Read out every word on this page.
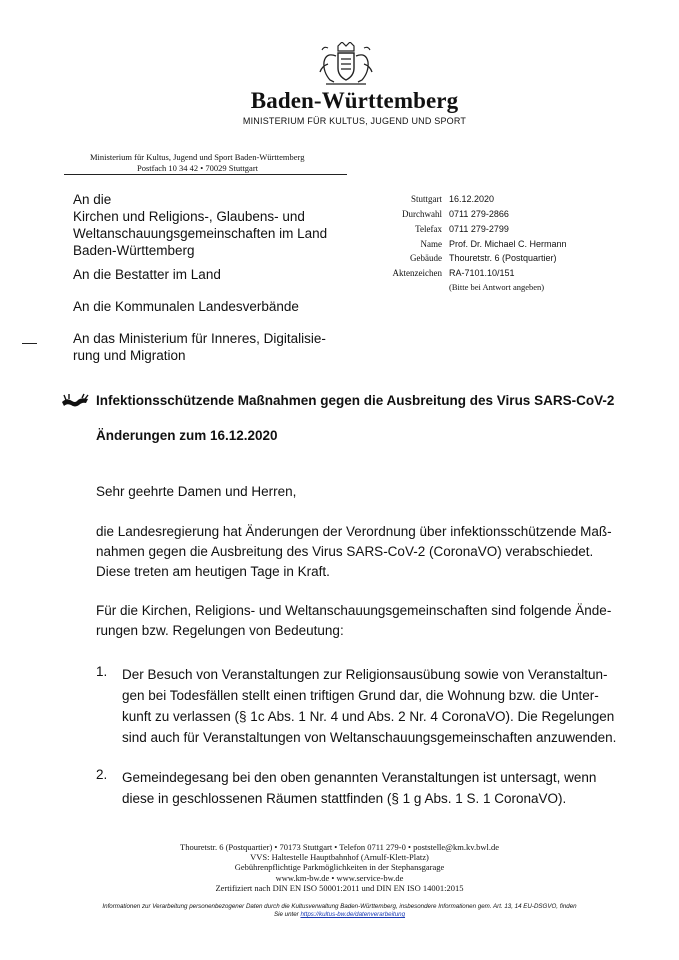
Baden-Württemberg
MINISTERIUM FÜR KULTUS, JUGEND UND SPORT
Ministerium für Kultus, Jugend und Sport Baden-Württemberg
Postfach 10 34 42 • 70029 Stuttgart
An die
Kirchen und Religions-, Glaubens- und
Weltanschauungsgemeinschaften im Land
Baden-Württemberg
An die Bestatter im Land
An die Kommunalen Landesverbände
An das Ministerium für Inneres, Digitalisie-
rung und Migration
Stuttgart 16.12.2020
Durchwahl 0711 279-2866
Telefax 0711 279-2799
Name Prof. Dr. Michael C. Hermann
Gebäude Thouretstr. 6 (Postquartier)
Aktenzeichen RA-7101.10/151
(Bitte bei Antwort angeben)
Infektionsschützende Maßnahmen gegen die Ausbreitung des Virus SARS-CoV-2
Änderungen zum 16.12.2020
Sehr geehrte Damen und Herren,
die Landesregierung hat Änderungen der Verordnung über infektionsschützende Maß-
nahmen gegen die Ausbreitung des Virus SARS-CoV-2 (CoronaVO) verabschiedet.
Diese treten am heutigen Tage in Kraft.
Für die Kirchen, Religions- und Weltanschauungsgemeinschaften sind folgende Ände-
rungen bzw. Regelungen von Bedeutung:
1. Der Besuch von Veranstaltungen zur Religionsausübung sowie von Veranstaltun-
gen bei Todesfällen stellt einen triftigen Grund dar, die Wohnung bzw. die Unter-
kunft zu verlassen (§ 1c Abs. 1 Nr. 4 und Abs. 2 Nr. 4 CoronaVO). Die Regelungen
sind auch für Veranstaltungen von Weltanschauungsgemeinschaften anzuwenden.
2. Gemeindegesang bei den oben genannten Veranstaltungen ist untersagt, wenn
diese in geschlossenen Räumen stattfinden (§ 1 g Abs. 1 S. 1 CoronaVO).
Thouretstr. 6 (Postquartier) • 70173 Stuttgart • Telefon 0711 279-0 • poststelle@km.kv.bwl.de
VVS: Haltestelle Hauptbahnhof (Arnulf-Klett-Platz)
Gebührenpflichtige Parkmöglichkeiten in der Stephansgarage
www.km-bw.de • www.service-bw.de
Zertifiziert nach DIN EN ISO 50001:2011 und DIN EN ISO 14001:2015
Informationen zur Verarbeitung personenbezogener Daten durch die Kultusverwaltung Baden-Württemberg, insbesondere Informationen gem. Art. 13, 14 EU-DSGVO, finden
Sie unter https://kultus-bw.de/datenverarbeitung
